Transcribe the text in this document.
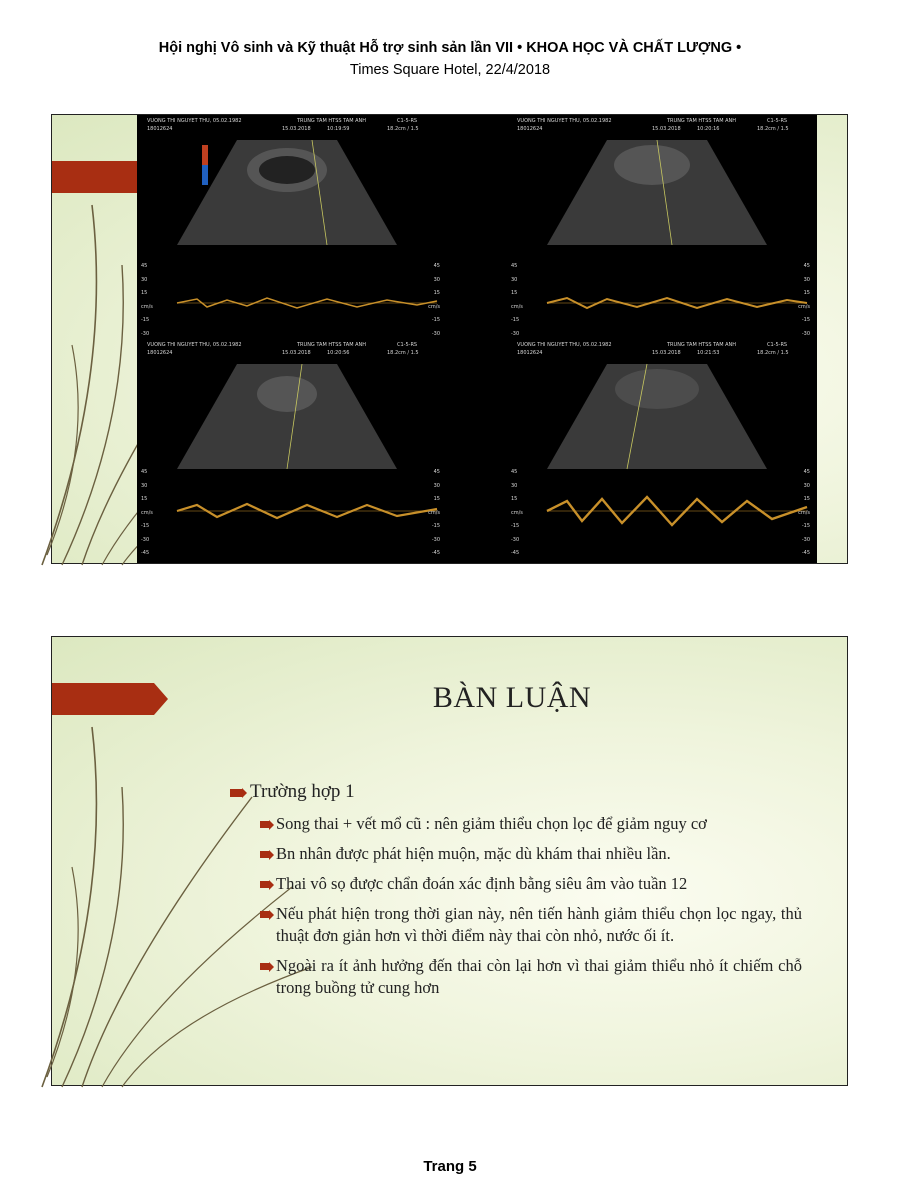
Hội nghị Vô sinh và Kỹ thuật Hỗ trợ sinh sản lần VII • KHOA HỌC VÀ CHẤT LƯỢNG •
Times Square Hotel, 22/4/2018
VUONG THI NGUYET THU, 05.02.1982	TRUNG TAM HTSS TAM ANH
18012624	15.03.2018	10:19:59
C1-5-RS
18.2cm / 1.5
45	45
30	30
15	15
cm/s	cm/s
-15	-15
-30	-30
VUONG THI NGUYET THU, 05.02.1982	TRUNG TAM HTSS TAM ANH
18012624	15.03.2018	10:20:16
C1-5-RS
18.2cm / 1.5
45	45
30	30
15	15
cm/s	cm/s
-15	-15
-30	-30
VUONG THI NGUYET THU, 05.02.1982	TRUNG TAM HTSS TAM ANH
18012624	15.03.2018	10:20:56
C1-5-RS
18.2cm / 1.5
45	45
30	30
15	15
cm/s	cm/s
-15	-15
-30	-30
-45	-45
VUONG THI NGUYET THU, 05.02.1982	TRUNG TAM HTSS TAM ANH
18012624	15.03.2018	10:21:53
C1-5-RS
18.2cm / 1.5
45	45
30	30
15	15
cm/s	cm/s
-15	-15
-30	-30
-45	-45
BÀN LUẬN
Trường hợp 1
Song thai + vết mổ cũ : nên giảm thiểu chọn lọc để giảm nguy cơ
Bn nhân được phát hiện muộn, mặc dù khám thai nhiều lần.
Thai vô sọ được chẩn đoán xác định bằng siêu âm vào tuần 12
Nếu phát hiện trong thời gian này, nên tiến hành giảm thiểu chọn lọc ngay, thủ thuật đơn giản hơn vì thời điểm này thai còn nhỏ, nước ối ít.
Ngoài ra ít ảnh hưởng đến thai còn lại hơn vì thai giảm thiểu nhỏ ít chiếm chỗ trong buồng tử cung hơn
Trang 5
